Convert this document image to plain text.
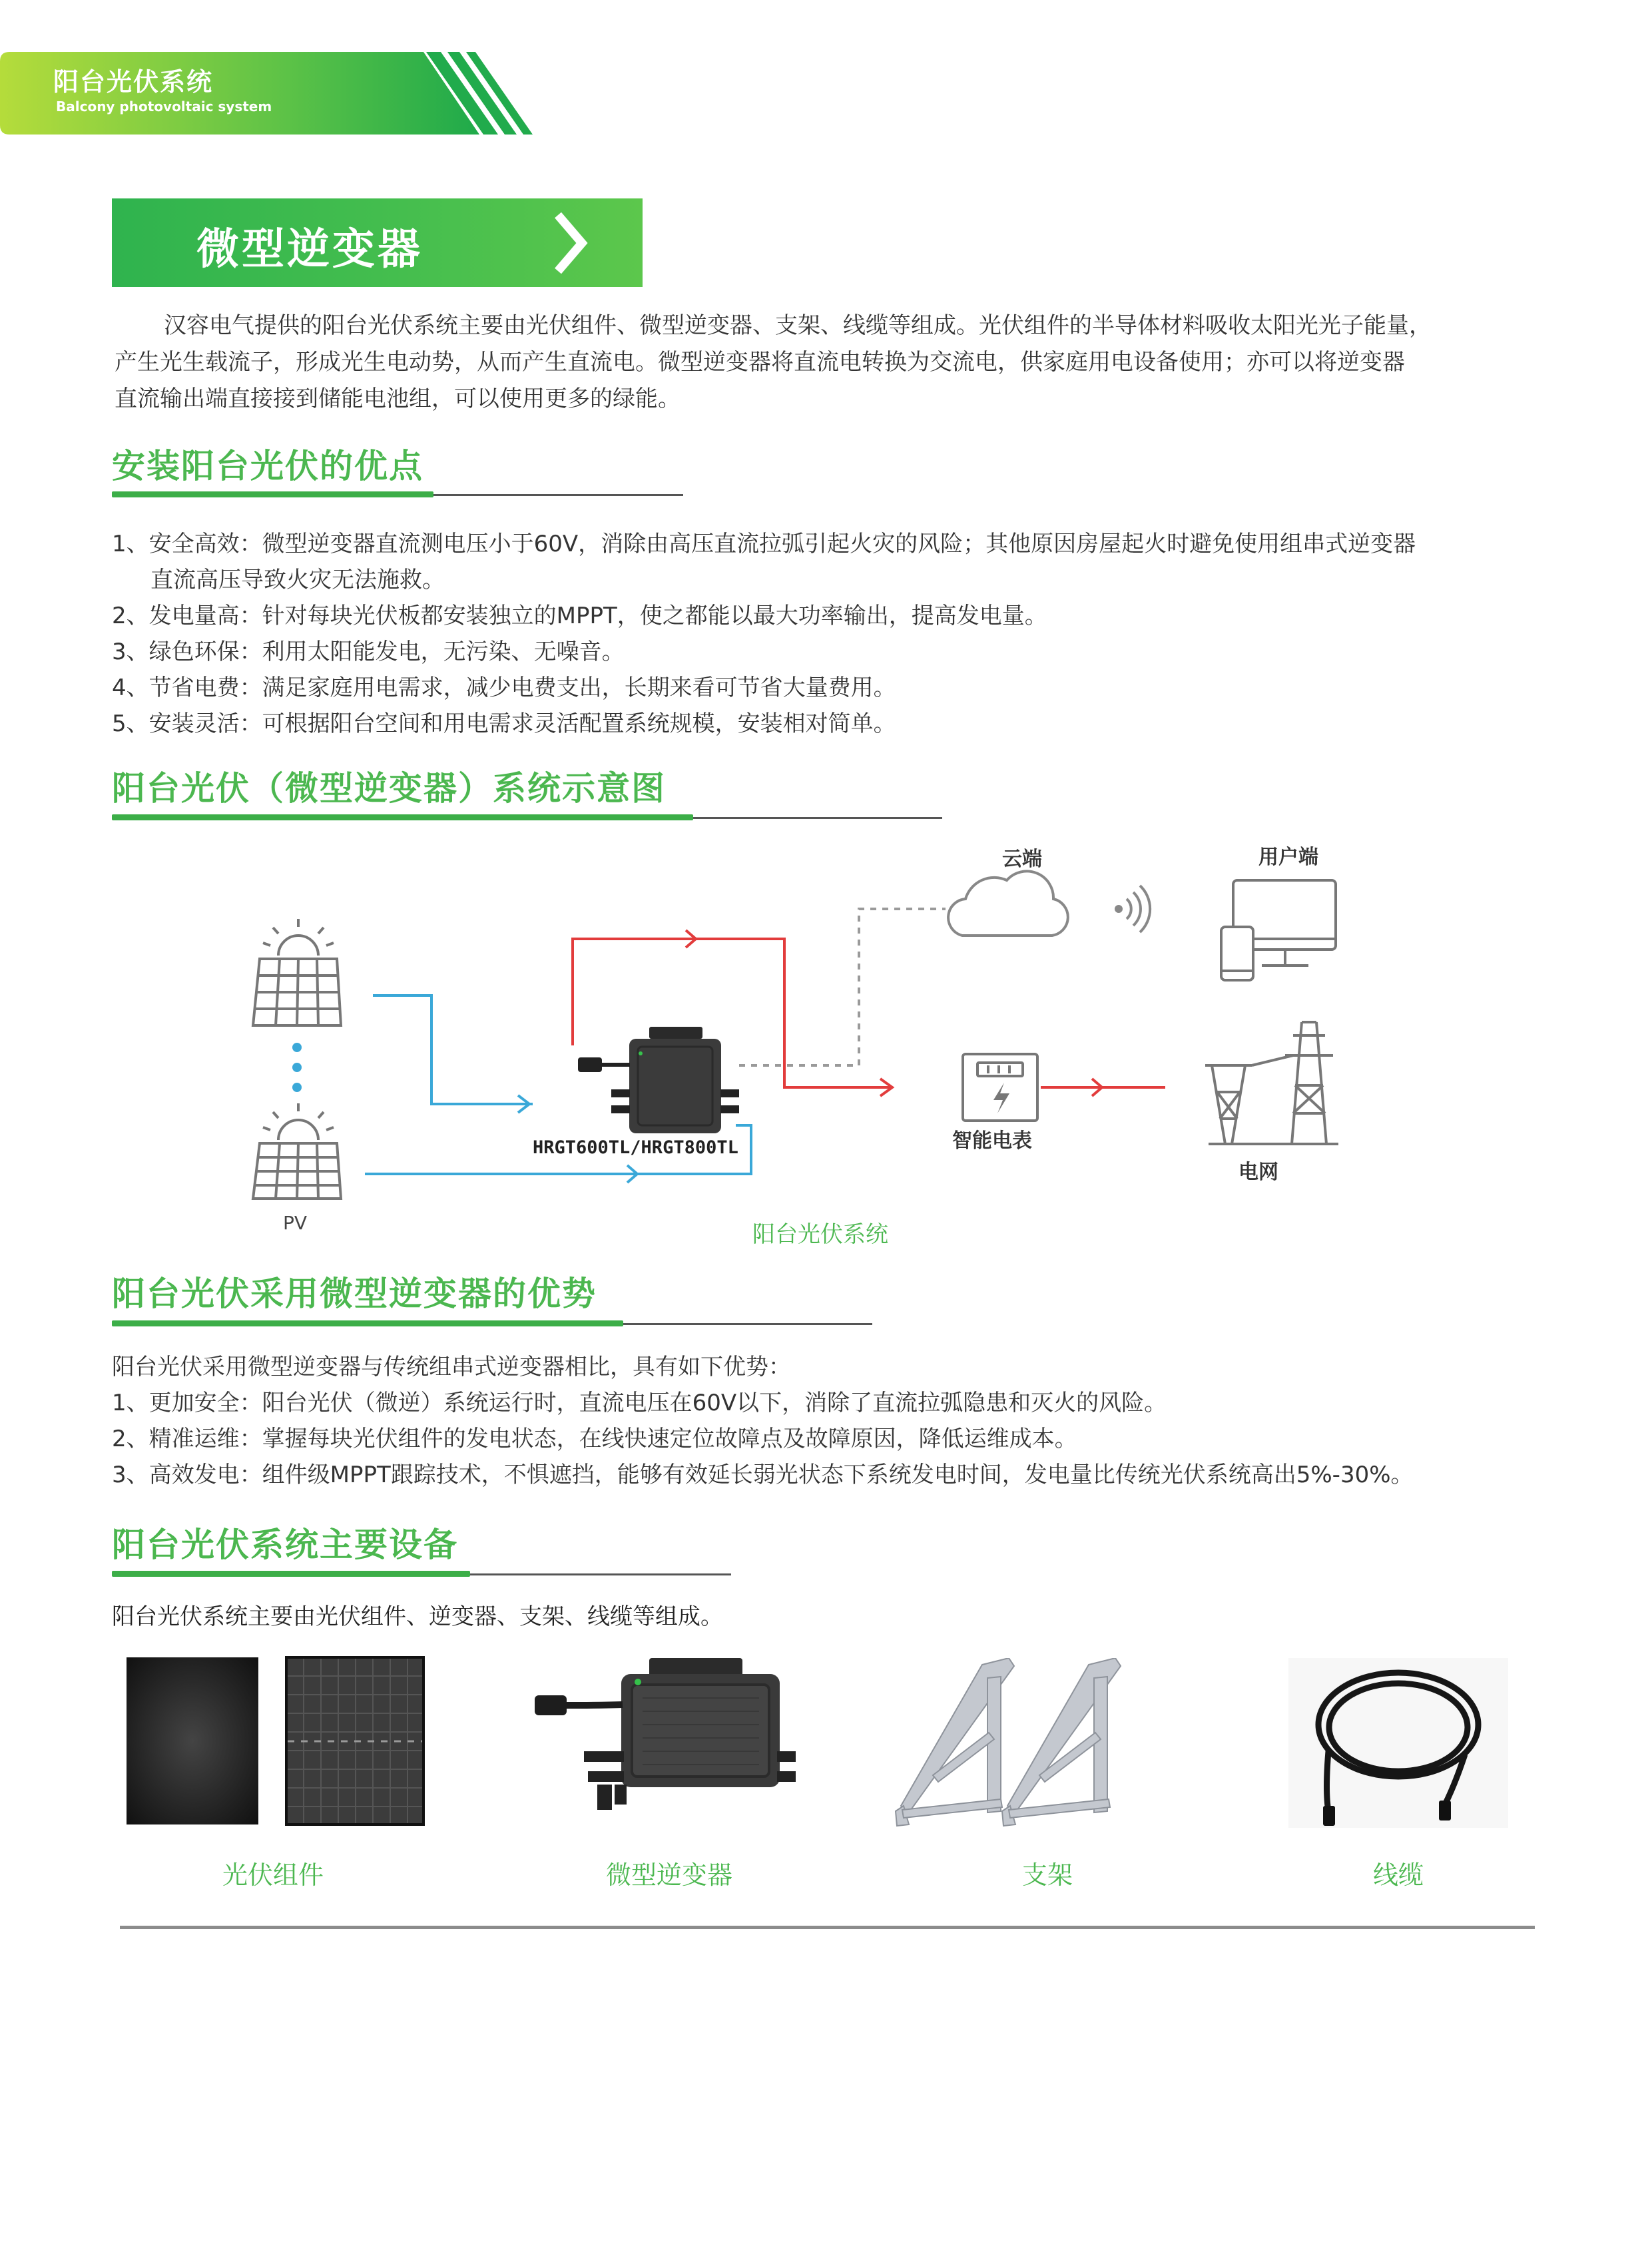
阳台光伏系统
Balcony photovoltaic system
微型逆变器
汉容电气提供的阳台光伏系统主要由光伏组件、微型逆变器、支架、线缆等组成。光伏组件的半导体材料吸收太阳光光子能量，
产生光生载流子，形成光生电动势，从而产生直流电。微型逆变器将直流电转换为交流电，供家庭用电设备使用；亦可以将逆变器
直流输出端直接接到储能电池组，可以使用更多的绿能。
安装阳台光伏的优点
1、安全高效：微型逆变器直流测电压小于60V，消除由高压直流拉弧引起火灾的风险；其他原因房屋起火时避免使用组串式逆变器
直流高压导致火灾无法施救。
2、发电量高：针对每块光伏板都安装独立的MPPT，使之都能以最大功率输出，提高发电量。
3、绿色环保：利用太阳能发电，无污染、无噪音。
4、节省电费：满足家庭用电需求，减少电费支出，长期来看可节省大量费用。
5、安装灵活：可根据阳台空间和用电需求灵活配置系统规模，安装相对简单。
阳台光伏（微型逆变器）系统示意图
云端	用户端
智能电表
电网
HRGT600TL/HRGT800TL
PV	阳台光伏系统
阳台光伏采用微型逆变器的优势
阳台光伏采用微型逆变器与传统组串式逆变器相比，具有如下优势：
1、更加安全：阳台光伏（微逆）系统运行时，直流电压在60V以下，消除了直流拉弧隐患和灭火的风险。
2、精准运维：掌握每块光伏组件的发电状态，在线快速定位故障点及故障原因，降低运维成本。
3、高效发电：组件级MPPT跟踪技术，不惧遮挡，能够有效延长弱光状态下系统发电时间，发电量比传统光伏系统高出5%-30%。
阳台光伏系统主要设备
阳台光伏系统主要由光伏组件、逆变器、支架、线缆等组成。
光伏组件	微型逆变器	支架	线缆
